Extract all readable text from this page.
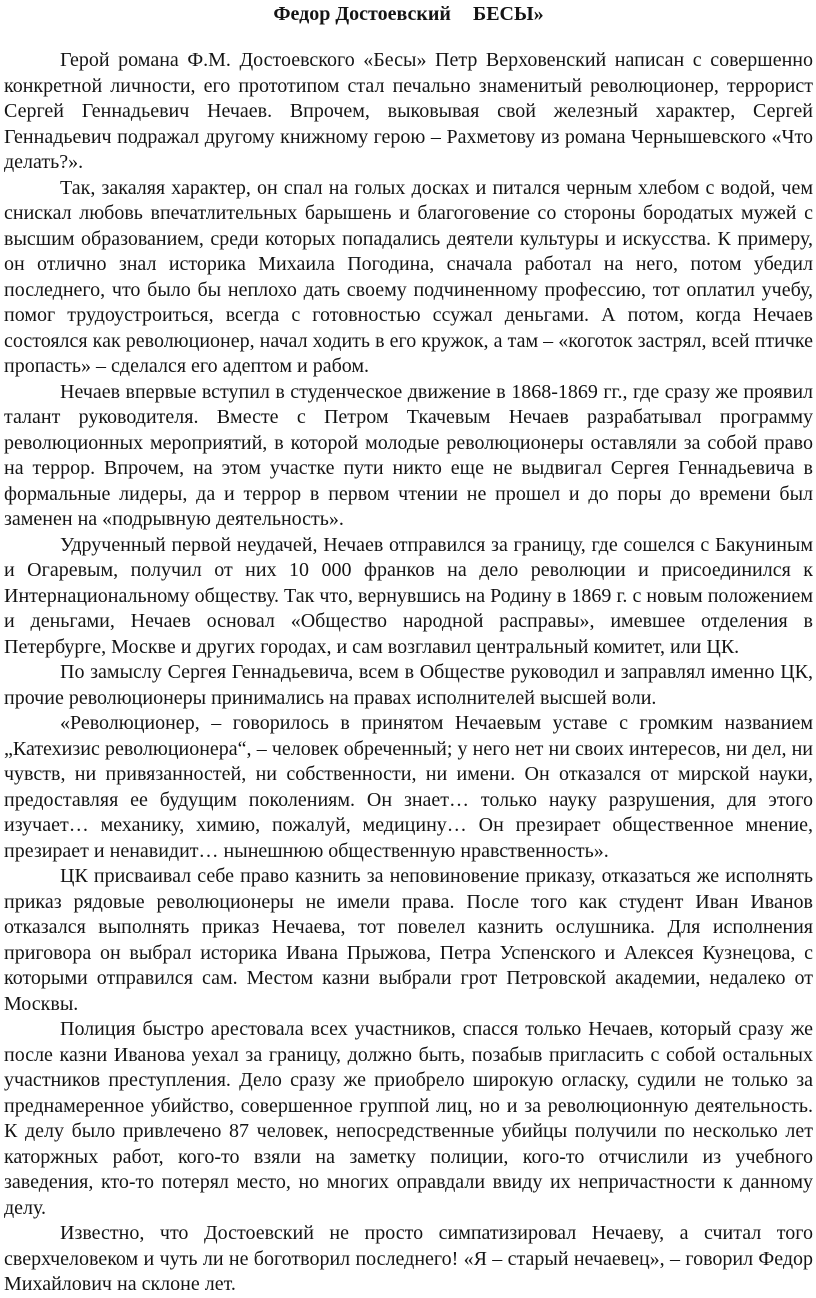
Федор Достоевский БЕСЫ»

Герой романа Ф.М. Достоевского «Бесы» Петр Верховенский написан с совершенно конкретной личности, его прототипом стал печально знаменитый революционер, террорист Сергей Геннадьевич Нечаев. Впрочем, выковывая свой железный характер, Сергей Геннадьевич подражал другому книжному герою – Рахметову из романа Чернышевского «Что делать?».

Так, закаляя характер, он спал на голых досках и питался черным хлебом с водой, чем снискал любовь впечатлительных барышень и благоговение со стороны бородатых мужей с высшим образованием, среди которых попадались деятели культуры и искусства. К примеру, он отлично знал историка Михаила Погодина, сначала работал на него, потом убедил последнего, что было бы неплохо дать своему подчиненному профессию, тот оплатил учебу, помог трудоустроиться, всегда с готовностью ссужал деньгами. А потом, когда Нечаев состоялся как революционер, начал ходить в его кружок, а там – «коготок застрял, всей птичке пропасть» – сделался его адептом и рабом.

Нечаев впервые вступил в студенческое движение в 1868-1869 гг., где сразу же проявил талант руководителя. Вместе с Петром Ткачевым Нечаев разрабатывал программу революционных мероприятий, в которой молодые революционеры оставляли за собой право на террор. Впрочем, на этом участке пути никто еще не выдвигал Сергея Геннадьевича в формальные лидеры, да и террор в первом чтении не прошел и до поры до времени был заменен на «подрывную деятельность».

Удрученный первой неудачей, Нечаев отправился за границу, где сошелся с Бакуниным и Огаревым, получил от них 10 000 франков на дело революции и присоединился к Интернациональному обществу. Так что, вернувшись на Родину в 1869 г. с новым положением и деньгами, Нечаев основал «Общество народной расправы», имевшее отделения в Петербурге, Москве и других городах, и сам возглавил центральный комитет, или ЦК.

По замыслу Сергея Геннадьевича, всем в Обществе руководил и заправлял именно ЦК, прочие революционеры принимались на правах исполнителей высшей воли.

«Революционер, – говорилось в принятом Нечаевым уставе с громким названием „Катехизис революционера“, – человек обреченный; у него нет ни своих интересов, ни дел, ни чувств, ни привязанностей, ни собственности, ни имени. Он отказался от мирской науки, предоставляя ее будущим поколениям. Он знает… только науку разрушения, для этого изучает… механику, химию, пожалуй, медицину… Он презирает общественное мнение, презирает и ненавидит… нынешнюю общественную нравственность».

ЦК присваивал себе право казнить за неповиновение приказу, отказаться же исполнять приказ рядовые революционеры не имели права. После того как студент Иван Иванов отказался выполнять приказ Нечаева, тот повелел казнить ослушника. Для исполнения приговора он выбрал историка Ивана Прыжова, Петра Успенского и Алексея Кузнецова, с которыми отправился сам. Местом казни выбрали грот Петровской академии, недалеко от Москвы.

Полиция быстро арестовала всех участников, спасся только Нечаев, который сразу же после казни Иванова уехал за границу, должно быть, позабыв пригласить с собой остальных участников преступления. Дело сразу же приобрело широкую огласку, судили не только за преднамеренное убийство, совершенное группой лиц, но и за революционную деятельность. К делу было привлечено 87 человек, непосредственные убийцы получили по несколько лет каторжных работ, кого-то взяли на заметку полиции, кого-то отчислили из учебного заведения, кто-то потерял место, но многих оправдали ввиду их непричастности к данному делу.

Известно, что Достоевский не просто симпатизировал Нечаеву, а считал того сверхчеловеком и чуть ли не боготворил последнего! «Я – старый нечаевец», – говорил Федор Михайлович на склоне лет.
